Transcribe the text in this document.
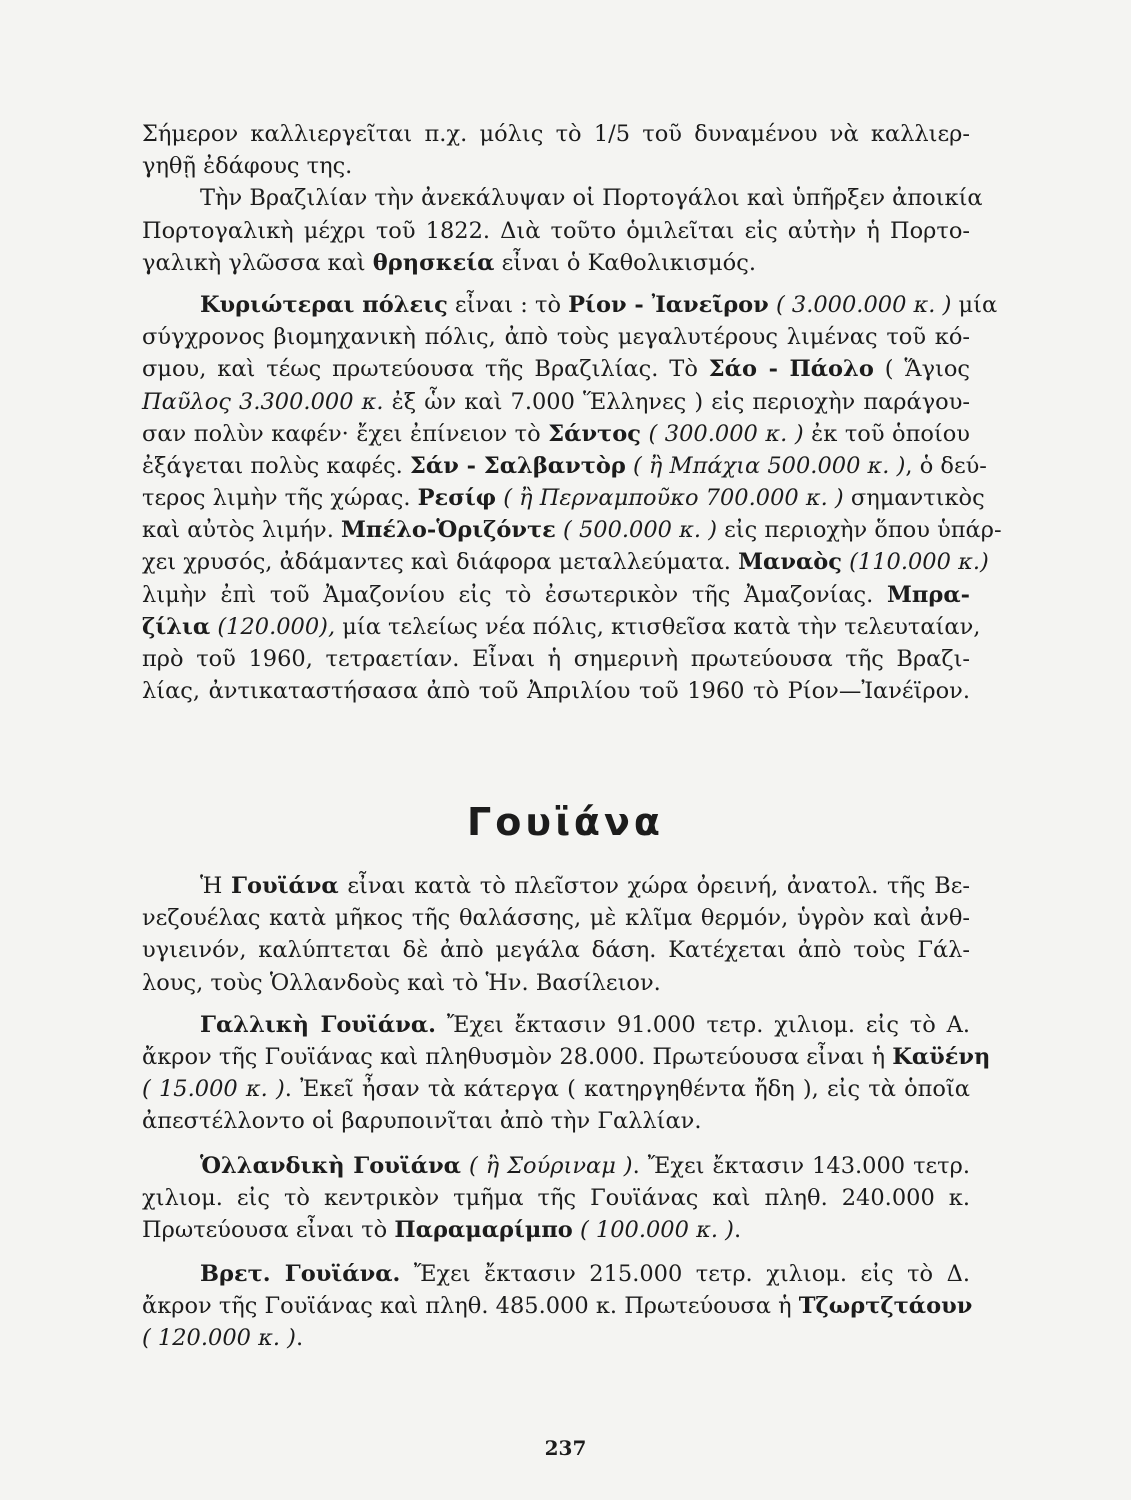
Σήμερον καλλιεργεῖται π.χ. μόλις τὸ 1/5 τοῦ δυναμένου νὰ καλλιερ-
γηθῇ ἐδάφους της.
Τὴν Βραζιλίαν τὴν ἀνεκάλυψαν οἱ Πορτογάλοι καὶ ὑπῆρξεν ἀποικία
Πορτογαλικὴ μέχρι τοῦ 1822. Διὰ τοῦτο ὁμιλεῖται εἰς αὐτὴν ἡ Πορτο-
γαλικὴ γλῶσσα καὶ θρησκεία εἶναι ὁ Καθολικισμός.
Κυριώτεραι πόλεις εἶναι : τὸ Ρίον - Ἰανεῖρον ( 3.000.000 κ. ) μία
σύγχρονος βιομηχανικὴ πόλις, ἀπὸ τοὺς μεγαλυτέρους λιμένας τοῦ κό-
σμου, καὶ τέως πρωτεύουσα τῆς Βραζιλίας. Τὸ Σάο - Πάολο ( Ἅγιος
Παῦλος 3.300.000 κ. ἐξ ὧν καὶ 7.000 Ἕλληνες ) εἰς περιοχὴν παράγου-
σαν πολὺν καφέν· ἔχει ἐπίνειον τὸ Σάντος ( 300.000 κ. ) ἐκ τοῦ ὁποίου
ἐξάγεται πολὺς καφές. Σάν - Σαλβαντὸρ ( ἢ Μπάχια 500.000 κ. ), ὁ δεύ-
τερος λιμὴν τῆς χώρας. Ρεσίφ ( ἢ Περναμποῦκο 700.000 κ. ) σημαντικὸς
καὶ αὐτὸς λιμήν. Μπέλο-Ὁριζόντε ( 500.000 κ. ) εἰς περιοχὴν ὅπου ὑπάρ-
χει χρυσός, ἀδάμαντες καὶ διάφορα μεταλλεύματα. Μαναὸς (110.000 κ.)
λιμὴν ἐπὶ τοῦ Ἀμαζονίου εἰς τὸ ἐσωτερικὸν τῆς Ἀμαζονίας. Μπρα-
ζίλια (120.000), μία τελείως νέα πόλις, κτισθεῖσα κατὰ τὴν τελευταίαν,
πρὸ τοῦ 1960, τετραετίαν. Εἶναι ἡ σημερινὴ πρωτεύουσα τῆς Βραζι-
λίας, ἀντικαταστήσασα ἀπὸ τοῦ Ἀπριλίου τοῦ 1960 τὸ Ρίον—Ἰανέϊρον.
Γουϊάνα
Ἡ Γουϊάνα εἶναι κατὰ τὸ πλεῖστον χώρα ὀρεινή, ἀνατολ. τῆς Βε-
νεζουέλας κατὰ μῆκος τῆς θαλάσσης, μὲ κλῖμα θερμόν, ὑγρὸν καὶ ἀνθ-
υγιεινόν, καλύπτεται δὲ ἀπὸ μεγάλα δάση. Κατέχεται ἀπὸ τοὺς Γάλ-
λους, τοὺς Ὁλλανδοὺς καὶ τὸ Ἡν. Βασίλειον.
Γαλλικὴ Γουϊάνα. Ἔχει ἔκτασιν 91.000 τετρ. χιλιομ. εἰς τὸ Α.
ἄκρον τῆς Γουϊάνας καὶ πληθυσμὸν 28.000. Πρωτεύουσα εἶναι ἡ Καϋένη
( 15.000 κ. ). Ἐκεῖ ἦσαν τὰ κάτεργα ( κατηργηθέντα ἤδη ), εἰς τὰ ὁποῖα
ἀπεστέλλοντο οἱ βαρυποινῖται ἀπὸ τὴν Γαλλίαν.
Ὁλλανδικὴ Γουϊάνα ( ἢ Σούριναμ ). Ἔχει ἔκτασιν 143.000 τετρ.
χιλιομ. εἰς τὸ κεντρικὸν τμῆμα τῆς Γουϊάνας καὶ πληθ. 240.000 κ.
Πρωτεύουσα εἶναι τὸ Παραμαρίμπο ( 100.000 κ. ).
Βρετ. Γουϊάνα. Ἔχει ἔκτασιν 215.000 τετρ. χιλιομ. εἰς τὸ Δ.
ἄκρον τῆς Γουϊάνας καὶ πληθ. 485.000 κ. Πρωτεύουσα ἡ Τζωρτζτάουν
( 120.000 κ. ).
237
